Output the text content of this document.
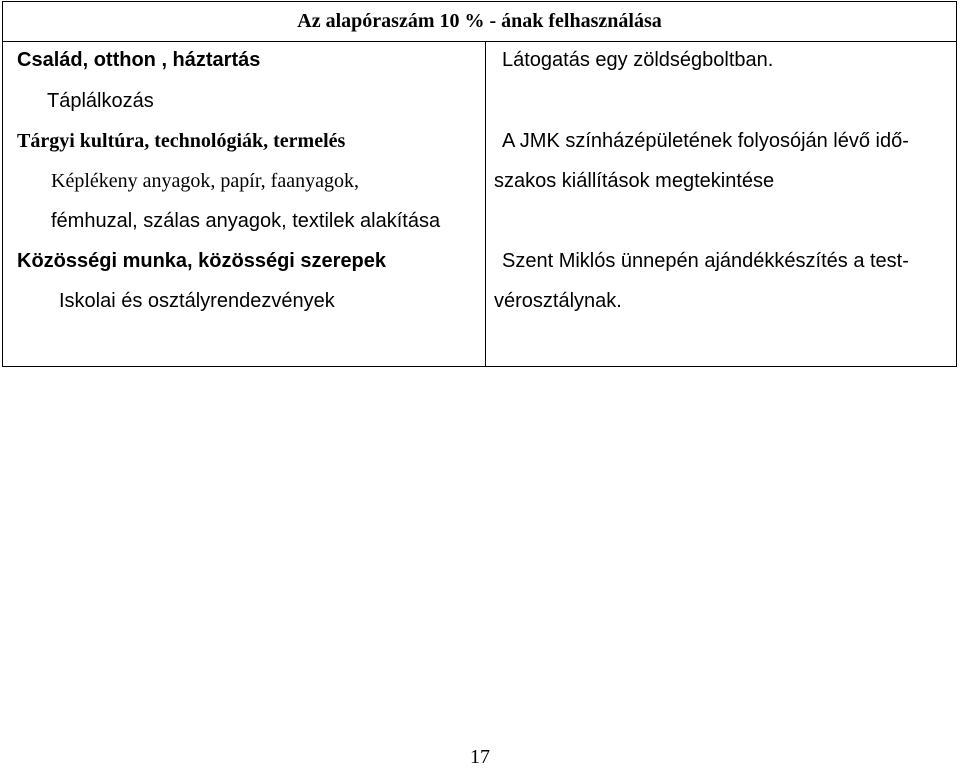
Az alapóraszám 10 % - ának felhasználása

Család, otthon , háztartás
Táplálkozás
Tárgyi kultúra, technológiák, termelés
Képlékeny anyagok, papír, faanyagok,
fémhuzal, szálas anyagok, textilek alakítása
Közösségi munka, közösségi szerepek
Iskolai és osztályrendezvények

Látogatás egy zöldségboltban.
A JMK színházépületének folyosóján lévő idő-
szakos kiállítások megtekintése
Szent Miklós ünnepén ajándékkészítés a test-
vérosztálynak.
17
